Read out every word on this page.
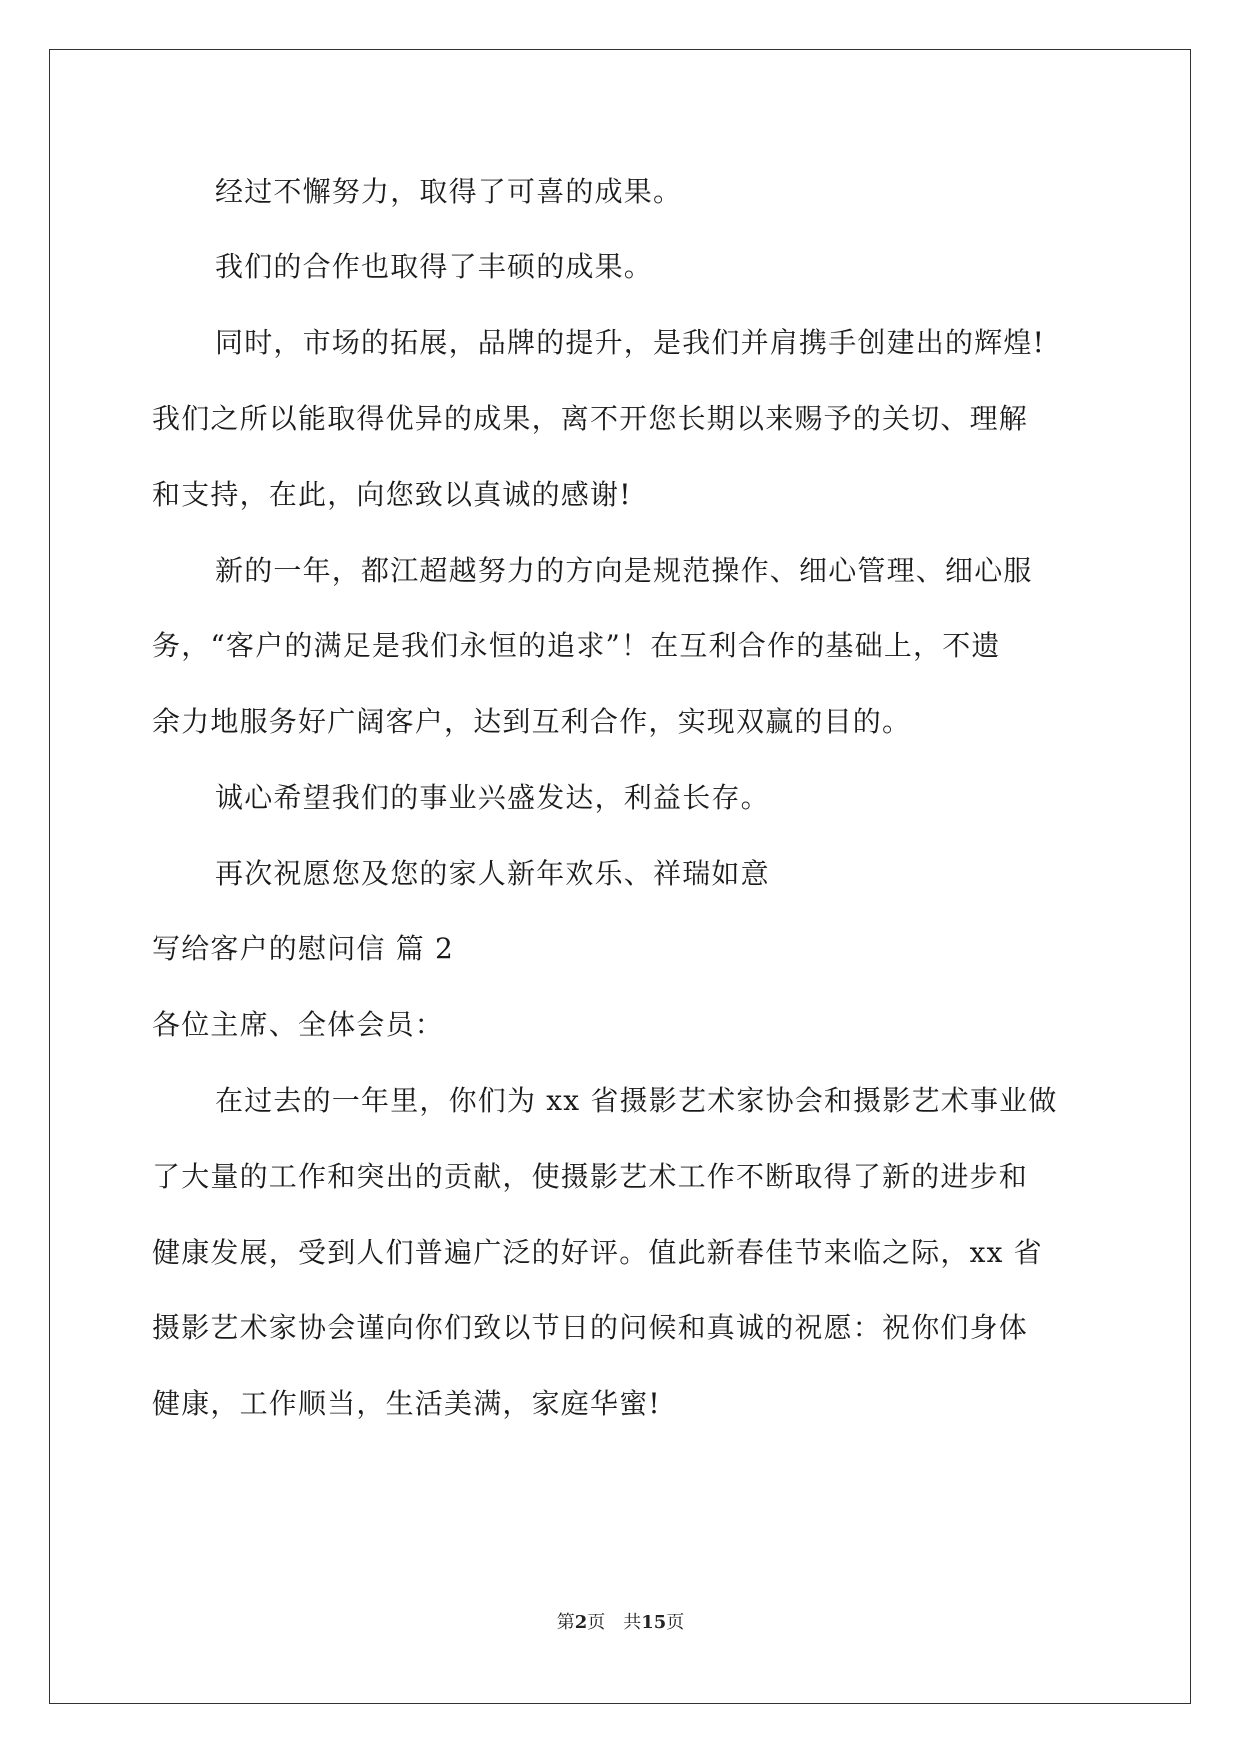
经过不懈努力，取得了可喜的成果。
我们的合作也取得了丰硕的成果。
同时，市场的拓展，品牌的提升，是我们并肩携手创建出的辉煌!
我们之所以能取得优异的成果，离不开您长期以来赐予的关切、理解
和支持，在此，向您致以真诚的感谢!
新的一年，都江超越努力的方向是规范操作、细心管理、细心服
务，“客户的满足是我们永恒的追求”！在互利合作的基础上，不遗
余力地服务好广阔客户，达到互利合作，实现双赢的目的。
诚心希望我们的事业兴盛发达，利益长存。
再次祝愿您及您的家人新年欢乐、祥瑞如意
写给客户的慰问信 篇 2
各位主席、全体会员：
在过去的一年里，你们为 xx 省摄影艺术家协会和摄影艺术事业做
了大量的工作和突出的贡献，使摄影艺术工作不断取得了新的进步和
健康发展，受到人们普遍广泛的好评。值此新春佳节来临之际，xx 省
摄影艺术家协会谨向你们致以节日的问候和真诚的祝愿：祝你们身体
健康，工作顺当，生活美满，家庭华蜜!
第2页 共15页
